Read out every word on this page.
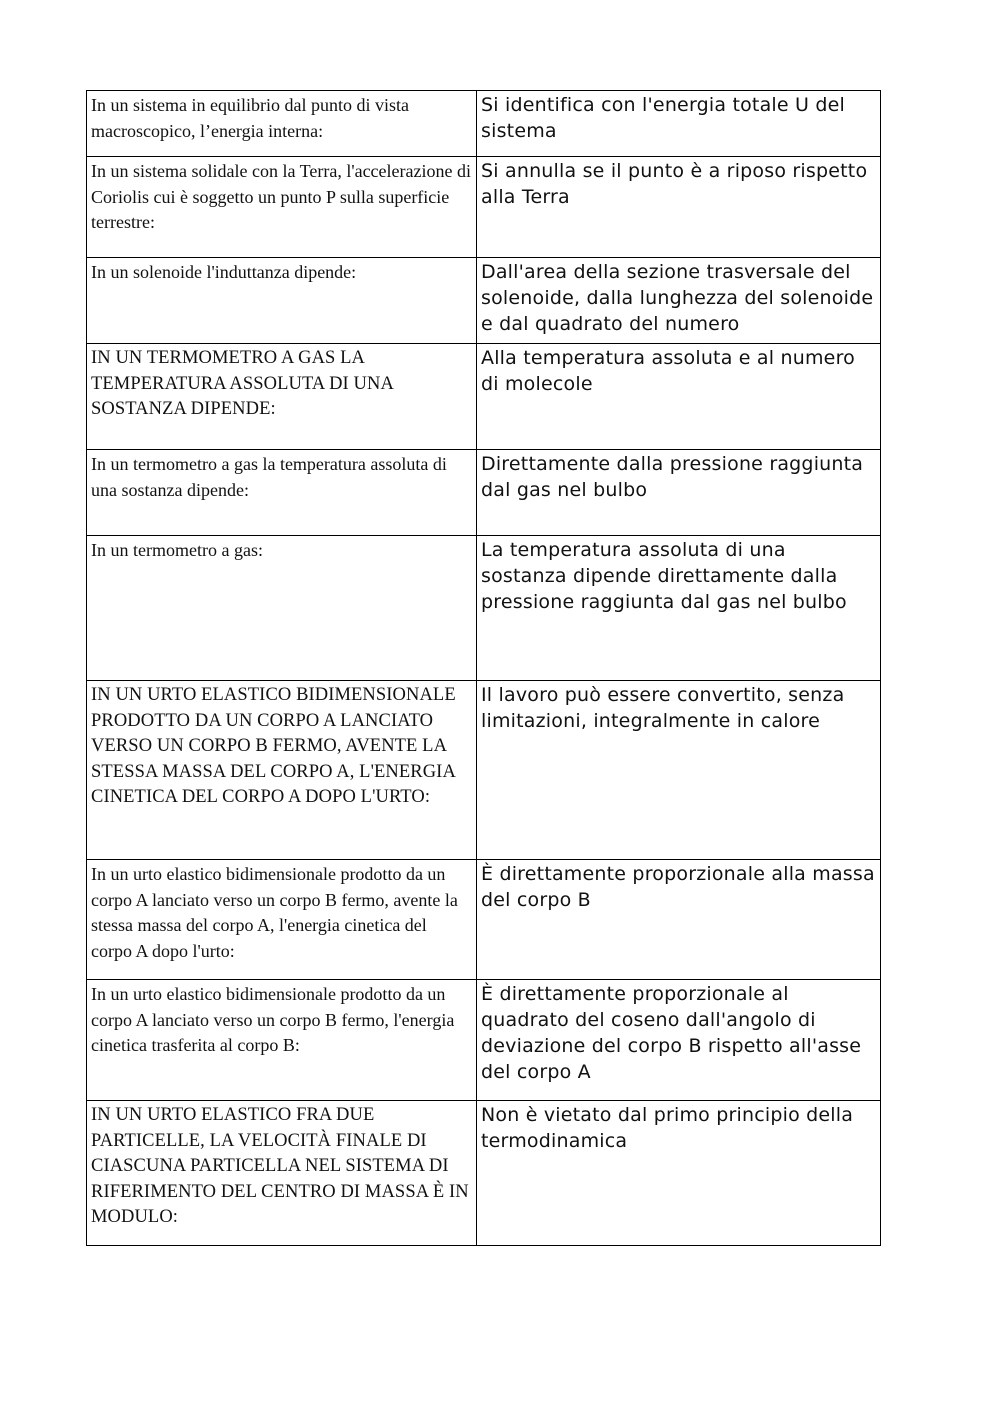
In un sistema in equilibrio dal punto di vista macroscopico, l’energia interna:	Si identifica con l'energia totale U del sistema

In un sistema solidale con la Terra, l'accelerazione di Coriolis cui è soggetto un punto P sulla superficie terrestre:	Si annulla se il punto è a riposo rispetto alla Terra

In un solenoide l'induttanza dipende:	Dall'area della sezione trasversale del solenoide, dalla lunghezza del solenoide e dal quadrato del numero

IN UN TERMOMETRO A GAS LA TEMPERATURA ASSOLUTA DI UNA SOSTANZA DIPENDE:	Alla temperatura assoluta e al numero di molecole

In un termometro a gas la temperatura assoluta di una sostanza dipende:	Direttamente dalla pressione raggiunta dal gas nel bulbo

In un termometro a gas:	La temperatura assoluta di una sostanza dipende direttamente dalla pressione raggiunta dal gas nel bulbo

IN UN URTO ELASTICO BIDIMENSIONALE PRODOTTO DA UN CORPO A LANCIATO VERSO UN CORPO B FERMO, AVENTE LA STESSA MASSA DEL CORPO A, L'ENERGIA CINETICA DEL CORPO A DOPO L'URTO:	Il lavoro può essere convertito, senza limitazioni, integralmente in calore

In un urto elastico bidimensionale prodotto da un corpo A lanciato verso un corpo B fermo, avente la stessa massa del corpo A, l'energia cinetica del corpo A dopo l'urto:	È direttamente proporzionale alla massa del corpo B

In un urto elastico bidimensionale prodotto da un corpo A lanciato verso un corpo B fermo, l'energia cinetica trasferita al corpo B:	È direttamente proporzionale al quadrato del coseno dall'angolo di deviazione del corpo B rispetto all'asse del corpo A

IN UN URTO ELASTICO FRA DUE PARTICELLE, LA VELOCITÀ FINALE DI CIASCUNA PARTICELLA NEL SISTEMA DI RIFERIMENTO DEL CENTRO DI MASSA È IN MODULO:	Non è vietato dal primo principio della termodinamica
